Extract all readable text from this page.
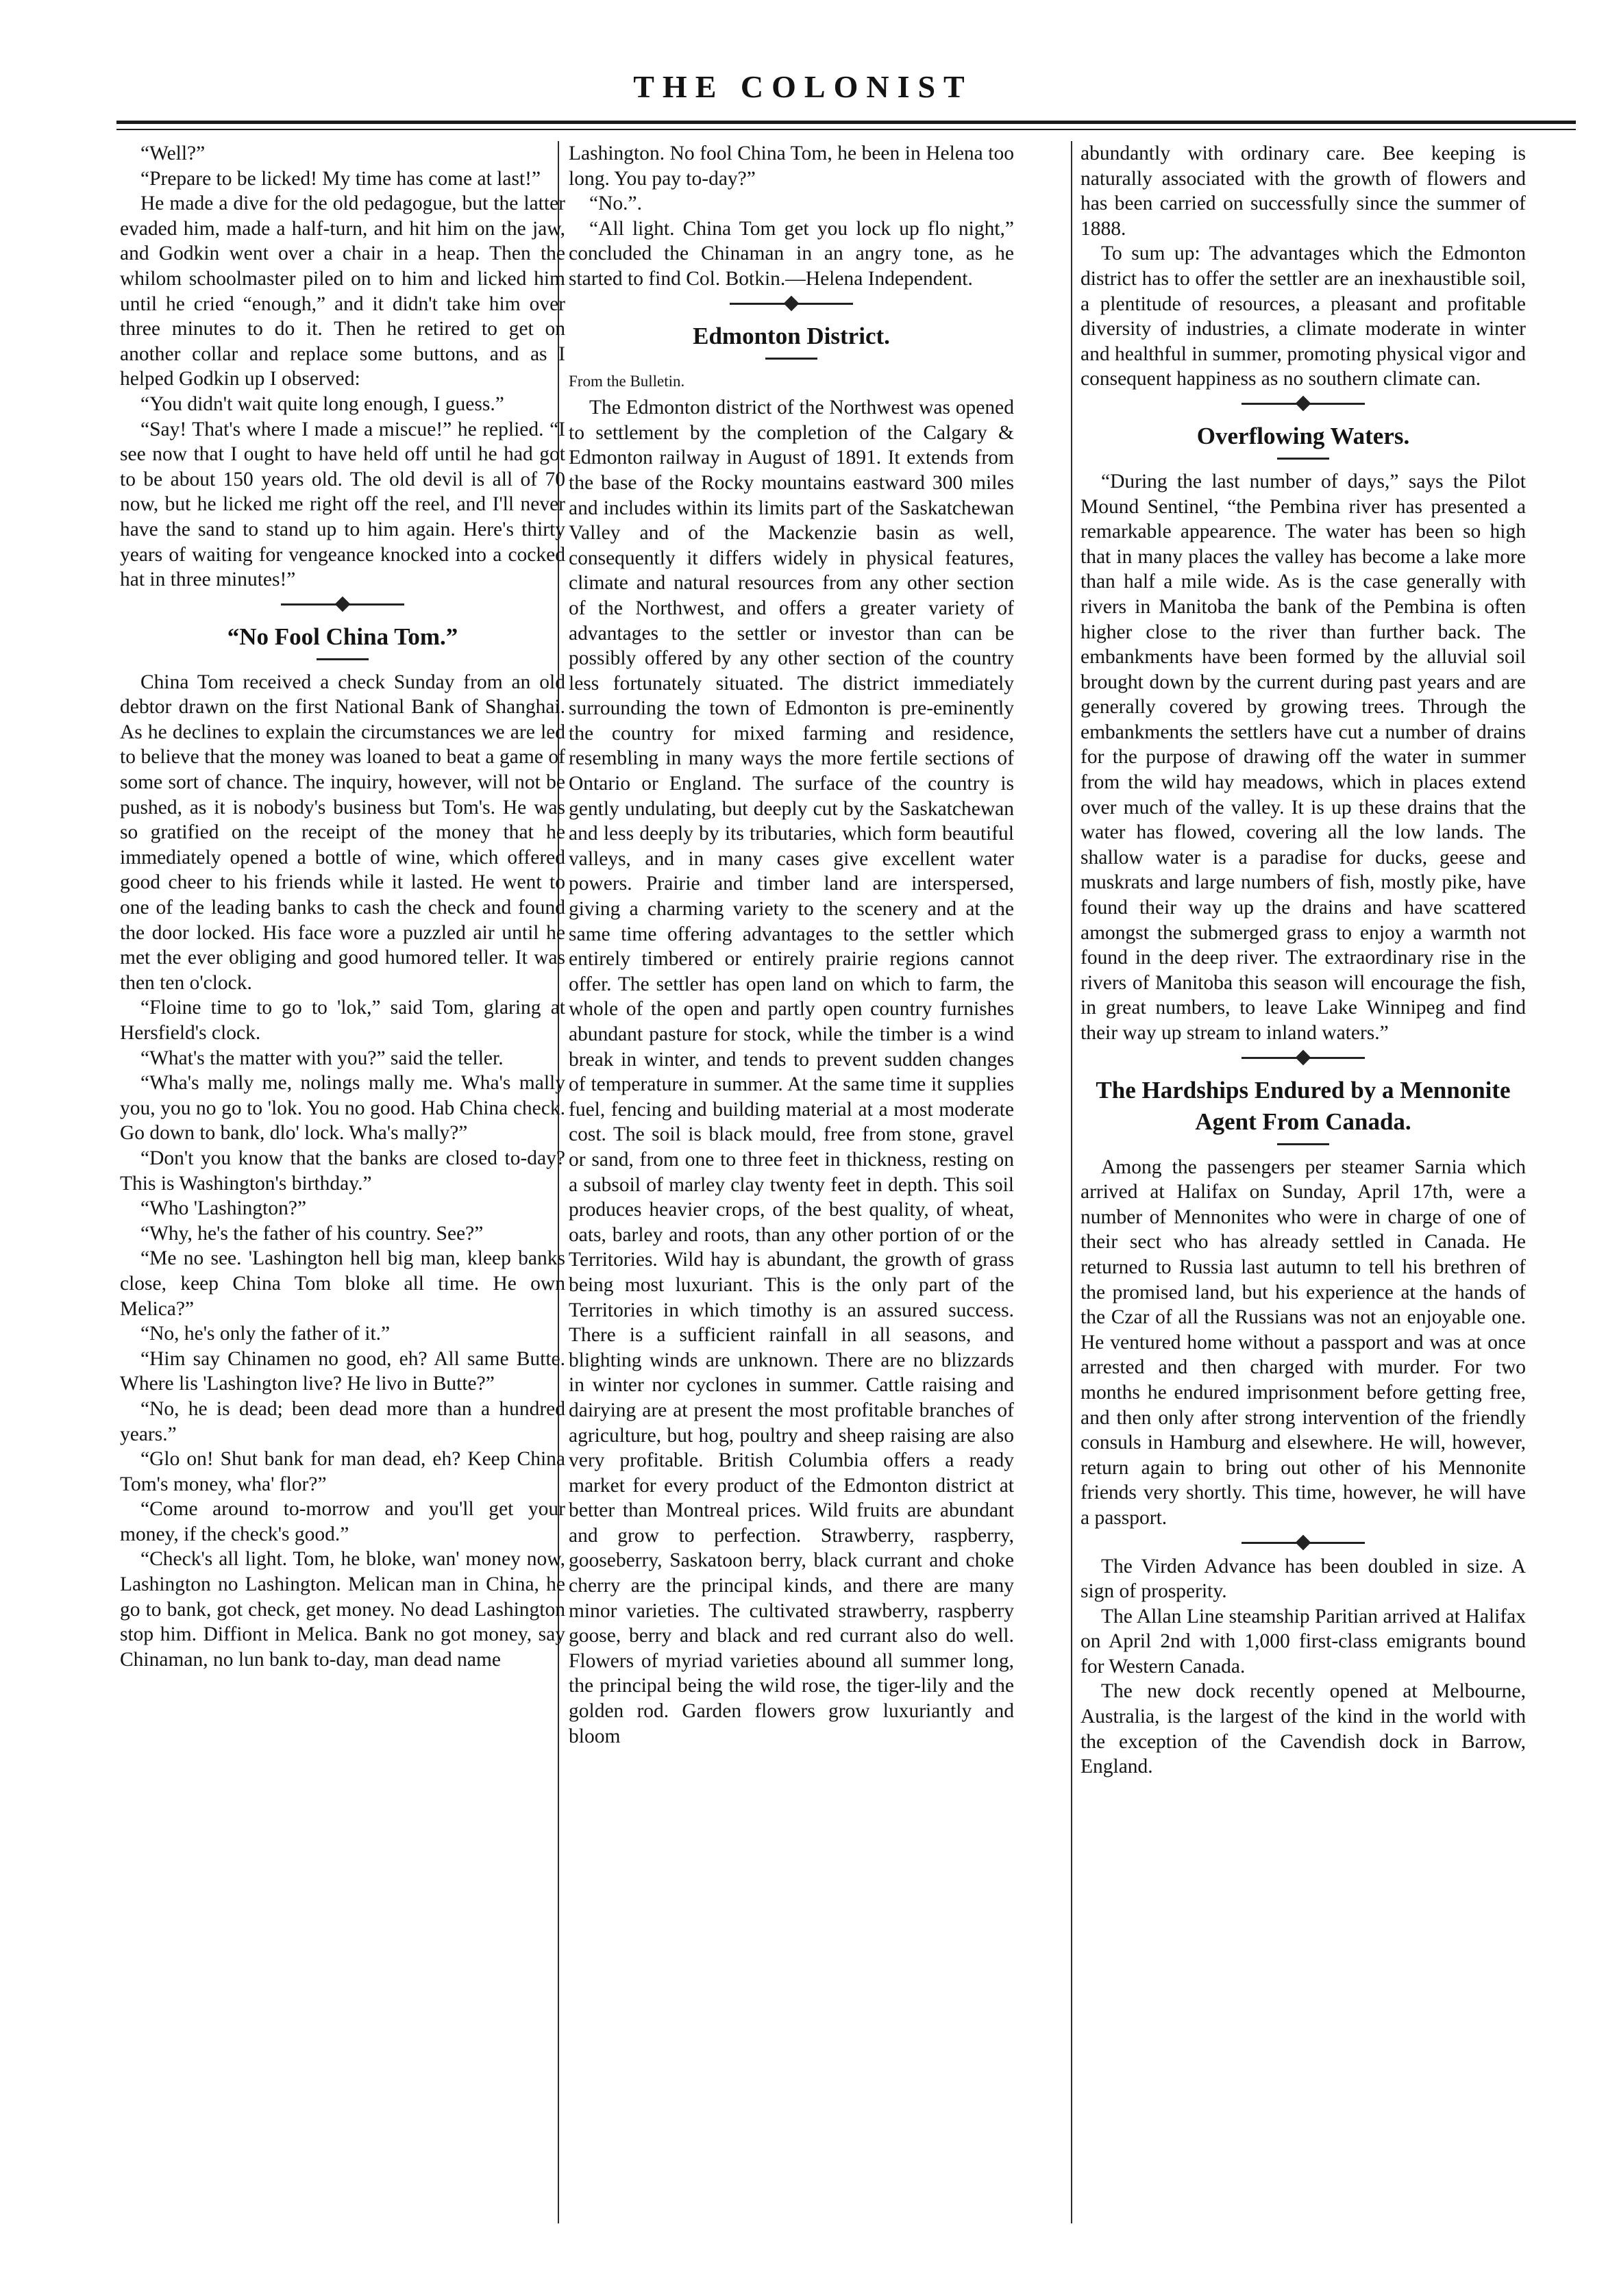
THE COLONIST

“Well?”

“Prepare to be licked! My time has come at last!”

He made a dive for the old pedagogue, but the latter evaded him, made a half-turn, and hit him on the jaw, and Godkin went over a chair in a heap. Then the whilom schoolmaster piled on to him and licked him until he cried “enough,” and it didn't take him over three minutes to do it. Then he retired to get on another collar and replace some buttons, and as I helped Godkin up I observed:

“You didn't wait quite long enough, I guess.”

“Say! That's where I made a miscue!” he replied. “I see now that I ought to have held off until he had got to be about 150 years old. The old devil is all of 70 now, but he licked me right off the reel, and I'll never have the sand to stand up to him again. Here's thirty years of waiting for vengeance knocked into a cocked hat in three minutes!”

“No Fool China Tom.”

China Tom received a check Sunday from an old debtor drawn on the first National Bank of Shanghai. As he declines to explain the circumstances we are led to believe that the money was loaned to beat a game of some sort of chance. The inquiry, however, will not be pushed, as it is nobody's business but Tom's. He was so gratified on the receipt of the money that he immediately opened a bottle of wine, which offered good cheer to his friends while it lasted. He went to one of the leading banks to cash the check and found the door locked. His face wore a puzzled air until he met the ever obliging and good humored teller. It was then ten o'clock.

“Floine time to go to 'lok,” said Tom, glaring at Hersfield's clock.

“What's the matter with you?” said the teller.

“Wha's mally me, nolings mally me. Wha's mally you, you no go to 'lok. You no good. Hab China check. Go down to bank, dlo' lock. Wha's mally?”

“Don't you know that the banks are closed to-day? This is Washington's birthday.”

“Who 'Lashington?”

“Why, he's the father of his country. See?”

“Me no see. 'Lashington hell big man, kleep banks close, keep China Tom bloke all time. He own Melica?”

“No, he's only the father of it.”

“Him say Chinamen no good, eh? All same Butte. Where lis 'Lashington live? He livo in Butte?”

“No, he is dead; been dead more than a hundred years.”

“Glo on! Shut bank for man dead, eh? Keep China Tom's money, wha' flor?”

“Come around to-morrow and you'll get your money, if the check's good.”

“Check's all light. Tom, he bloke, wan' money now, Lashington no Lashington. Melican man in China, he go to bank, got check, get money. No dead Lashington stop him. Diffiont in Melica. Bank no got money, say Chinaman, no lun bank to-day, man dead name

Lashington. No fool China Tom, he been in Helena too long. You pay to-day?”

“No.”.

“All light. China Tom get you lock up flo night,” concluded the Chinaman in an angry tone, as he started to find Col. Botkin.—Helena Independent.

Edmonton District.
From the Bulletin.

The Edmonton district of the Northwest was opened to settlement by the completion of the Calgary & Edmonton railway in August of 1891. It extends from the base of the Rocky mountains eastward 300 miles and includes within its limits part of the Saskatchewan Valley and of the Mackenzie basin as well, consequently it differs widely in physical features, climate and natural resources from any other section of the Northwest, and offers a greater variety of advantages to the settler or investor than can be possibly offered by any other section of the country less fortunately situated. The district immediately surrounding the town of Edmonton is pre-eminently the country for mixed farming and residence, resembling in many ways the more fertile sections of Ontario or England. The surface of the country is gently undulating, but deeply cut by the Saskatchewan and less deeply by its tributaries, which form beautiful valleys, and in many cases give excellent water powers. Prairie and timber land are interspersed, giving a charming variety to the scenery and at the same time offering advantages to the settler which entirely timbered or entirely prairie regions cannot offer. The settler has open land on which to farm, the whole of the open and partly open country furnishes abundant pasture for stock, while the timber is a wind break in winter, and tends to prevent sudden changes of temperature in summer. At the same time it supplies fuel, fencing and building material at a most moderate cost. The soil is black mould, free from stone, gravel or sand, from one to three feet in thickness, resting on a subsoil of marley clay twenty feet in depth. This soil produces heavier crops, of the best quality, of wheat, oats, barley and roots, than any other portion of or the Territories. Wild hay is abundant, the growth of grass being most luxuriant. This is the only part of the Territories in which timothy is an assured success. There is a sufficient rainfall in all seasons, and blighting winds are unknown. There are no blizzards in winter nor cyclones in summer. Cattle raising and dairying are at present the most profitable branches of agriculture, but hog, poultry and sheep raising are also very profitable. British Columbia offers a ready market for every product of the Edmonton district at better than Montreal prices. Wild fruits are abundant and grow to perfection. Strawberry, raspberry, gooseberry, Saskatoon berry, black currant and choke cherry are the principal kinds, and there are many minor varieties. The cultivated strawberry, raspberry goose, berry and black and red currant also do well. Flowers of myriad varieties abound all summer long, the principal being the wild rose, the tiger-lily and the golden rod. Garden flowers grow luxuriantly and bloom

abundantly with ordinary care. Bee keeping is naturally associated with the growth of flowers and has been carried on successfully since the summer of 1888.

To sum up: The advantages which the Edmonton district has to offer the settler are an inexhaustible soil, a plentitude of resources, a pleasant and profitable diversity of industries, a climate moderate in winter and healthful in summer, promoting physical vigor and consequent happiness as no southern climate can.

Overflowing Waters.

“During the last number of days,” says the Pilot Mound Sentinel, “the Pembina river has presented a remarkable appearence. The water has been so high that in many places the valley has become a lake more than half a mile wide. As is the case generally with rivers in Manitoba the bank of the Pembina is often higher close to the river than further back. The embankments have been formed by the alluvial soil brought down by the current during past years and are generally covered by growing trees. Through the embankments the settlers have cut a number of drains for the purpose of drawing off the water in summer from the wild hay meadows, which in places extend over much of the valley. It is up these drains that the water has flowed, covering all the low lands. The shallow water is a paradise for ducks, geese and muskrats and large numbers of fish, mostly pike, have found their way up the drains and have scattered amongst the submerged grass to enjoy a warmth not found in the deep river. The extraordinary rise in the rivers of Manitoba this season will encourage the fish, in great numbers, to leave Lake Winnipeg and find their way up stream to inland waters.”

The Hardships Endured by a Mennonite Agent From Canada.

Among the passengers per steamer Sarnia which arrived at Halifax on Sunday, April 17th, were a number of Mennonites who were in charge of one of their sect who has already settled in Canada. He returned to Russia last autumn to tell his brethren of the promised land, but his experience at the hands of the Czar of all the Russians was not an enjoyable one. He ventured home without a passport and was at once arrested and then charged with murder. For two months he endured imprisonment before getting free, and then only after strong intervention of the friendly consuls in Hamburg and elsewhere. He will, however, return again to bring out other of his Mennonite friends very shortly. This time, however, he will have a passport.

The Virden Advance has been doubled in size. A sign of prosperity.

The Allan Line steamship Paritian arrived at Halifax on April 2nd with 1,000 first-class emigrants bound for Western Canada.

The new dock recently opened at Melbourne, Australia, is the largest of the kind in the world with the exception of the Cavendish dock in Barrow, England.
